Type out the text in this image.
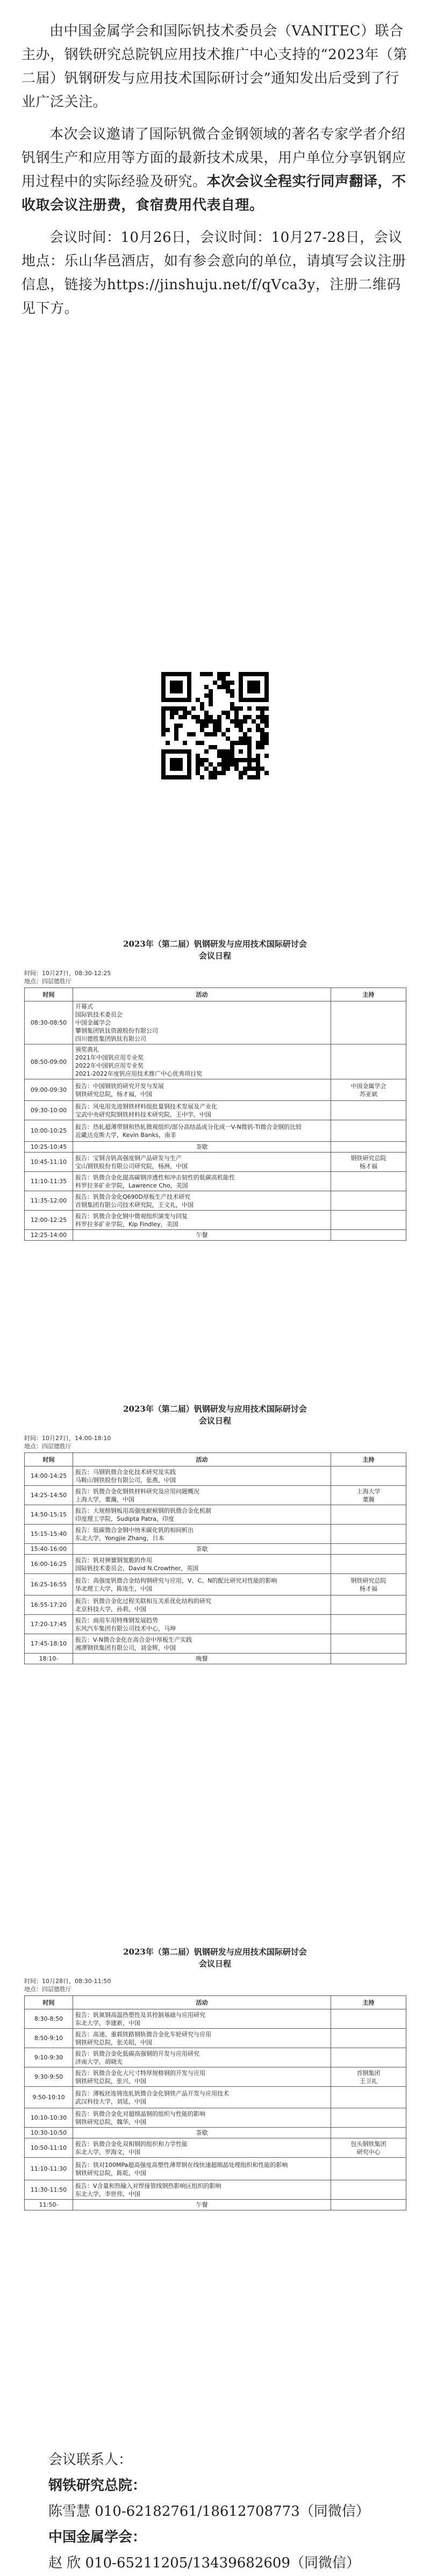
由中国金属学会和国际钒技术委员会（VANITEC）联合主办，钢铁研究总院钒应用技术推广中心支持的“2023年（第二届）钒钢研发与应用技术国际研讨会”通知发出后受到了行业广泛关注。

本次会议邀请了国际钒微合金钢领域的著名专家学者介绍钒钢生产和应用等方面的最新技术成果，用户单位分享钒钢应用过程中的实际经验及研究。本次会议全程实行同声翻译，不收取会议注册费，食宿费用代表自理。

会议时间：10月26日，会议时间：10月27-28日，会议地点：乐山华邑酒店，如有参会意向的单位，请填写会议注册信息，链接为https://jinshuju.net/f/qVca3y，注册二维码见下方。

2023年（第二届）钒钢研发与应用技术国际研讨会
会议日程
时间：10月27日，08:30-12:25
地点：四层德胜厅
时间	活动	主持
08:30-08:50	开幕式
国际钒技术委员会
中国金属学会
攀钢集团钒钛资源股份有限公司
四川德胜集团钒钛有限公司	

08:50-09:00	颁奖典礼
2021年中国钒应用专业奖
2022年中国钒应用专业奖
2021-2022年度钒应用技术推广中心优秀项目奖	

09:00-09:30	报告：中国钢铁的研究开发与发展
钢铁研究总院，杨才福，中国	中国金属学会
苏亚斌
09:30-10:00	报告：风电用先进钢铁材料组批量钢技术发展及产业化
宝武中央研究院钢铁材料技术研究院，王中学，中国	

10:00-10:25	报告：热轧超薄带钢和热轧微观组织/部分高结晶成分化成一V-N微钒-Ti微合金钢的比较
近畿达克斯大学，Kevin Banks，南非	

10:25-10:45	茶歇	

10:45-11:10	报告：宝钢含钒高强度钢产品研发与生产
宝山钢铁股份有限公司研究院，杨洲，中国	钢铁研究总院
杨才福
11:10-11:35	报告：钒微合金化提高碳钢淬透性和冲击韧性的低碳高机能性
科罗拉多矿业学院，Lawrence Cho，美国	

11:35-12:00	报告：钒微合金化Q690D厚板生产技术研究
首钢集团有限公司技术研究院，王文礼，中国	

12:00-12:25	报告：钒微合金化钢中微观组织演变与回复
科罗拉多矿业学院，Kip Findley，美国	

12:25-14:00	午餐	

2023年（第二届）钒钢研发与应用技术国际研讨会
会议日程
时间：10月27日，14:00-18:10
地点：四层德胜厅
时间	活动	主持
14:00-14:25	报告：马钢钒微合金化技术研究及实践
马鞍山钢铁股份有限公司，张燕，中国	

14:25-14:50	报告：钒微合金化钢铁材料研究及应用问题概况
上海大学，董瀚，中国	上海大学
董瀚
14:50-15:15	报告：大规格钢板用高强度耐候钢的钒微合金化机制
印度理工学院，Sudipta Patra，印度	

15:15-15:40	报告：低碳微合金钢中纳米碳化钒的相间析出
东北大学，Yongjie Zhang，日本	

15:40-16:00	茶歇	

16:00-16:25	报告：钒对弹簧钢氢脆的作用
国际钒技术委员会，David N.Crowther，英国	

16:25-16:55	报告：高强度钒微合金结构钢研究与应用，V、C、N的配比研究对性能的影响
华北理工大学，陈连生，中国	钢铁研究总院
杨才福
16:55-17:20	报告：钒微合金化过程关联相互关系优化结构的研究
北京科技大学，孙莉，中国	

17:20-17:45	报告：商用车用特殊钢发展趋势
东风汽车集团有限公司技术中心，马坤	

17:45-18:10	报告：V-N微合金化在高合金中厚板生产实践
湘潭钢铁集团有限公司，刘金辉，中国	

18:10-	晚餐	

2023年（第二届）钒钢研发与应用技术国际研讨会
会议日程
时间：10月28日，08:30-11:50
地点：四层德胜厅
时间	活动	主持
8:30-8:50	报告：钒氮钢高温热塑性及其控制基础与应用研究
东北大学，李建新，中国	

8:50-9:10	报告：高速、重载铁路钢轨微合金化车轮研究与应用
钢铁研究总院，张关昭，中国	

9:10-9:30	报告：钒微合金化低碳高强钢的开发与应用研究
济南大学，胡晓光	

9:30-9:50	报告：钒微合金化大尺寸特厚规格钢的开发与应用
钢铁研究总院，张兴，中国	首钢集团
王卫礼
9:50-10:10	报告：薄板坯连铸连轧钒微合金化钢铁产品开发与应用技术
武汉科技大学，刘延，中国	

10:10-10:30	报告：钒微合金化对超细晶钢的组织与性能的影响
钢铁研究总院，魏华，中国	

10:30-10:50	茶歇	

10:50-11:10	报告：钒微合金化双相钢的组织和力学性能
东北大学，罗海文，中国	包头钢铁集团
研究中心
11:10-11:30	报告：铁对100MPa超高强度高塑性薄带钢在线快速超细晶处理组织和性能的影响
钢铁研究总院，陈乾，中国	

11:30-11:50	报告：V含量和热输入对焊接管线钢热影响区组织的影响
东北大学，李世伟，中国	

11:50-	午餐	

会议联系人：
钢铁研究总院：
陈雪慧 010-62182761/18612708773（同微信）
中国金属学会：
赵 欣 010-65211205/13439682609（同微信）
